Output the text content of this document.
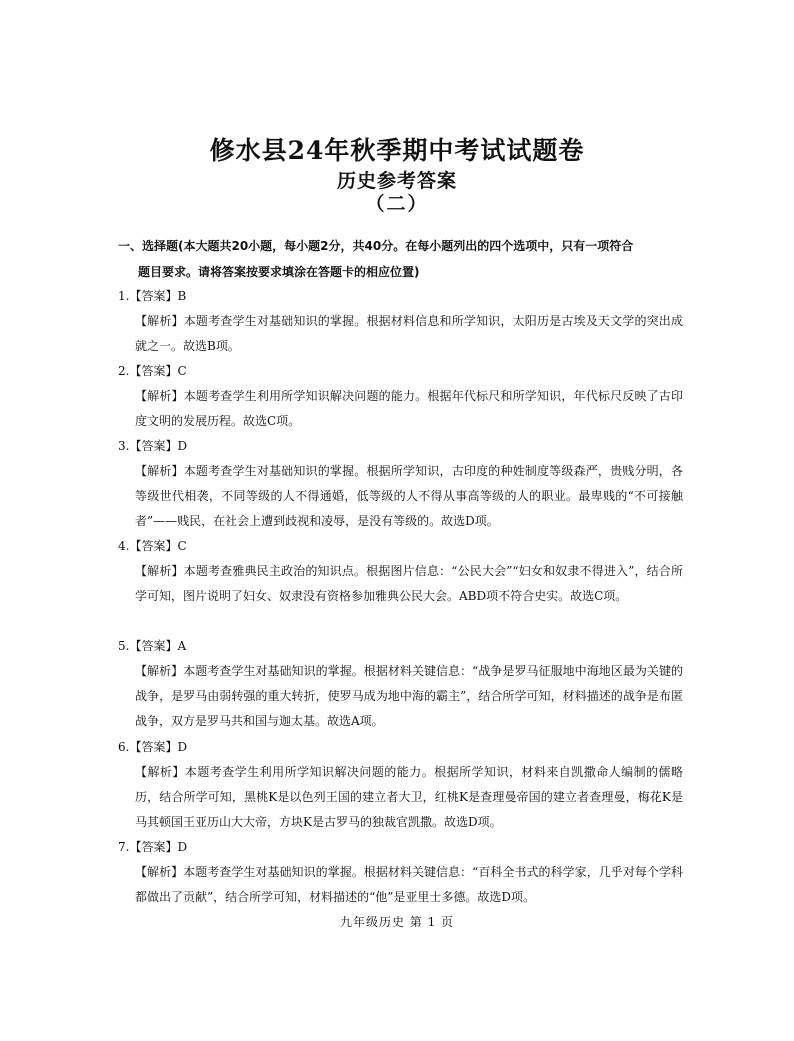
修水县24年秋季期中考试试题卷
历史参考答案
（二）
一、选择题(本大题共20小题，每小题2分，共40分。在每小题列出的四个选项中，只有一项符合
题目要求。请将答案按要求填涂在答题卡的相应位置)
1.【答案】B
【解析】本题考查学生对基础知识的掌握。根据材料信息和所学知识，太阳历是古埃及天文学的突出成就之一。故选B项。
2.【答案】C
【解析】本题考查学生利用所学知识解决问题的能力。根据年代标尺和所学知识，年代标尺反映了古印度文明的发展历程。故选C项。
3.【答案】D
【解析】本题考查学生对基础知识的掌握。根据所学知识，古印度的种姓制度等级森严，贵贱分明，各等级世代相袭，不同等级的人不得通婚，低等级的人不得从事高等级的人的职业。最卑贱的“不可接触者”——贱民，在社会上遭到歧视和凌辱，是没有等级的。故选D项。
4.【答案】C
【解析】本题考查雅典民主政治的知识点。根据图片信息：“公民大会”“妇女和奴隶不得进入”，结合所学可知，图片说明了妇女、奴隶没有资格参加雅典公民大会。ABD项不符合史实。故选C项。
5.【答案】A
【解析】本题考查学生对基础知识的掌握。根据材料关键信息：“战争是罗马征服地中海地区最为关键的战争，是罗马由弱转强的重大转折，使罗马成为地中海的霸主”，结合所学可知，材料描述的战争是布匿战争，双方是罗马共和国与迦太基。故选A项。
6.【答案】D
【解析】本题考查学生利用所学知识解决问题的能力。根据所学知识，材料来自凯撒命人编制的儒略历，结合所学可知，黑桃K是以色列王国的建立者大卫，红桃K是查理曼帝国的建立者查理曼，梅花K是马其顿国王亚历山大大帝，方块K是古罗马的独裁官凯撒。故选D项。
7.【答案】D
【解析】本题考查学生对基础知识的掌握。根据材料关键信息：“百科全书式的科学家，几乎对每个学科都做出了贡献”，结合所学可知，材料描述的“他”是亚里士多德。故选D项。
九年级历史 第 1 页
